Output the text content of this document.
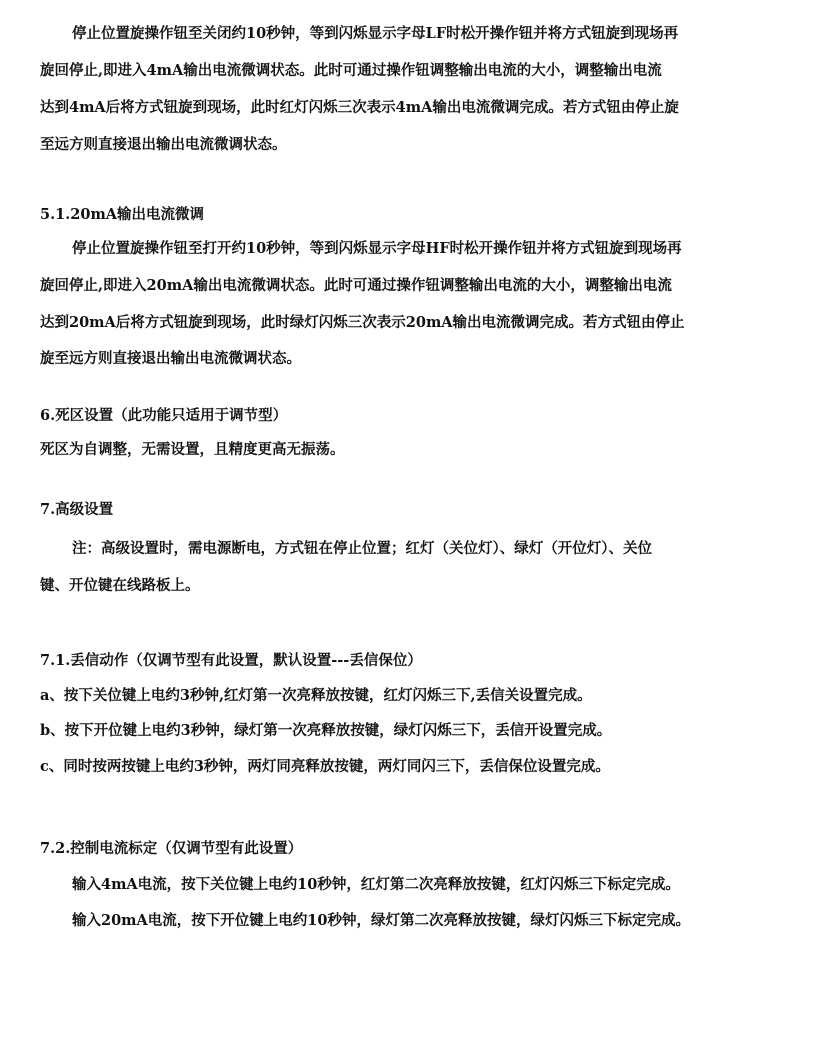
停止位置旋操作钮至关闭约10秒钟，等到闪烁显示字母LF时松开操作钮并将方式钮旋到现场再
旋回停止,即进入4mA输出电流微调状态。此时可通过操作钮调整输出电流的大小，调整输出电流
达到4mA后将方式钮旋到现场，此时红灯闪烁三次表示4mA输出电流微调完成。若方式钮由停止旋
至远方则直接退出输出电流微调状态。
5.1.20mA输出电流微调
停止位置旋操作钮至打开约10秒钟，等到闪烁显示字母HF时松开操作钮并将方式钮旋到现场再
旋回停止,即进入20mA输出电流微调状态。此时可通过操作钮调整输出电流的大小，调整输出电流
达到20mA后将方式钮旋到现场，此时绿灯闪烁三次表示20mA输出电流微调完成。若方式钮由停止
旋至远方则直接退出输出电流微调状态。
6.死区设置（此功能只适用于调节型）
死区为自调整，无需设置，且精度更高无振荡。
7.高级设置
注：高级设置时，需电源断电，方式钮在停止位置；红灯（关位灯）、绿灯（开位灯）、关位
键、开位键在线路板上。
7.1.丢信动作（仅调节型有此设置，默认设置---丢信保位）
a、按下关位键上电约3秒钟,红灯第一次亮释放按键，红灯闪烁三下,丢信关设置完成。
b、按下开位键上电约3秒钟，绿灯第一次亮释放按键，绿灯闪烁三下，丢信开设置完成。
c、同时按两按键上电约3秒钟，两灯同亮释放按键，两灯同闪三下，丢信保位设置完成。
7.2.控制电流标定（仅调节型有此设置）
输入4mA电流，按下关位键上电约10秒钟，红灯第二次亮释放按键，红灯闪烁三下标定完成。
输入20mA电流，按下开位键上电约10秒钟，绿灯第二次亮释放按键，绿灯闪烁三下标定完成。
